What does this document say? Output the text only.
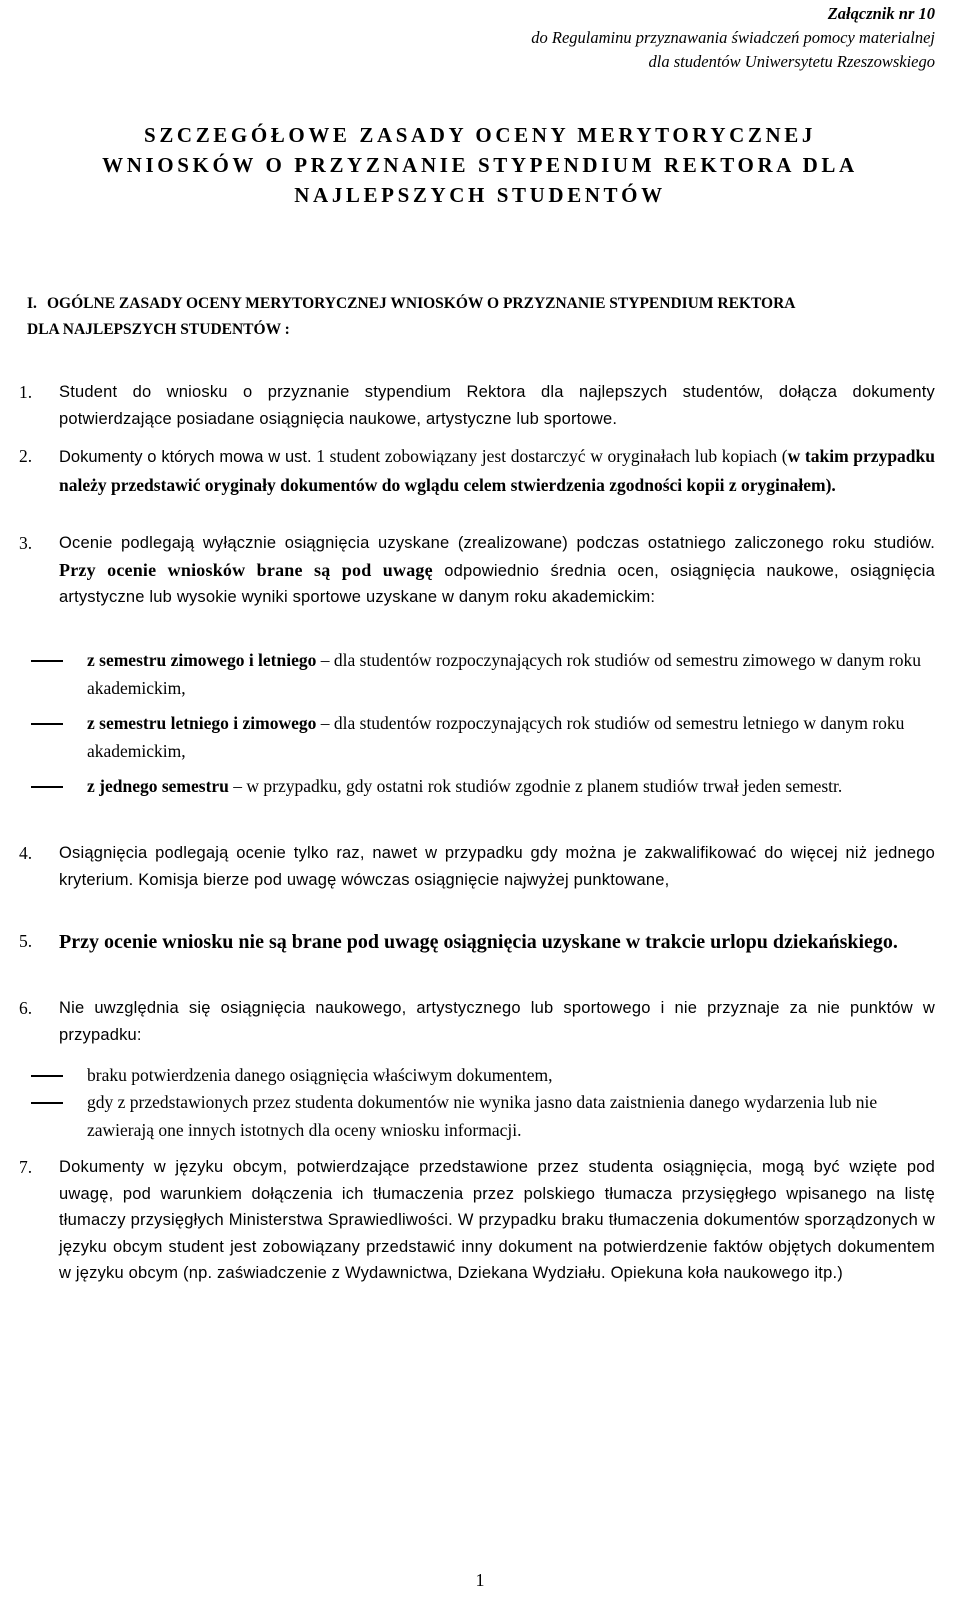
Załącznik nr 10
do Regulaminu przyznawania świadczeń pomocy materialnej
dla studentów Uniwersytetu Rzeszowskiego
SZCZEGÓŁOWE ZASADY OCENY MERYTORYCZNEJ
WNIOSKÓW O PRZYZNANIE STYPENDIUM REKTORA DLA
NAJLEPSZYCH STUDENTÓW
I. OGÓLNE ZASADY OCENY MERYTORYCZNEJ WNIOSKÓW O PRZYZNANIE STYPENDIUM REKTORA
DLA NAJLEPSZYCH STUDENTÓW :
1. Student do wniosku o przyznanie stypendium Rektora dla najlepszych studentów, dołącza dokumenty potwierdzające posiadane osiągnięcia naukowe, artystyczne lub sportowe.
2. Dokumenty o których mowa w ust. 1 student zobowiązany jest dostarczyć w oryginałach lub kopiach (w takim przypadku należy przedstawić oryginały dokumentów do wglądu celem stwierdzenia zgodności kopii z oryginałem).
3. Ocenie podlegają wyłącznie osiągnięcia uzyskane (zrealizowane) podczas ostatniego zaliczonego roku studiów. Przy ocenie wniosków brane są pod uwagę odpowiednio średnia ocen, osiągnięcia naukowe, osiągnięcia artystyczne lub wysokie wyniki sportowe uzyskane w danym roku akademickim:
z semestru zimowego i letniego – dla studentów rozpoczynających rok studiów od semestru zimowego w danym roku akademickim,
z semestru letniego i zimowego – dla studentów rozpoczynających rok studiów od semestru letniego w danym roku akademickim,
z jednego semestru – w przypadku, gdy ostatni rok studiów zgodnie z planem studiów trwał jeden semestr.
4. Osiągnięcia podlegają ocenie tylko raz, nawet w przypadku gdy można je zakwalifikować do więcej niż jednego kryterium. Komisja bierze pod uwagę wówczas osiągnięcie najwyżej punktowane,
5. Przy ocenie wniosku nie są brane pod uwagę osiągnięcia uzyskane w trakcie urlopu dziekańskiego.
6. Nie uwzględnia się osiągnięcia naukowego, artystycznego lub sportowego i nie przyznaje za nie punktów w przypadku:
braku potwierdzenia danego osiągnięcia właściwym dokumentem,
gdy z przedstawionych przez studenta dokumentów nie wynika jasno data zaistnienia danego wydarzenia lub nie zawierają one innych istotnych dla oceny wniosku informacji.
7. Dokumenty w języku obcym, potwierdzające przedstawione przez studenta osiągnięcia, mogą być wzięte pod uwagę, pod warunkiem dołączenia ich tłumaczenia przez polskiego tłumacza przysięgłego wpisanego na listę tłumaczy przysięgłych Ministerstwa Sprawiedliwości. W przypadku braku tłumaczenia dokumentów sporządzonych w języku obcym student jest zobowiązany przedstawić inny dokument na potwierdzenie faktów objętych dokumentem w języku obcym (np. zaświadczenie z Wydawnictwa, Dziekana Wydziału. Opiekuna koła naukowego itp.)
1
